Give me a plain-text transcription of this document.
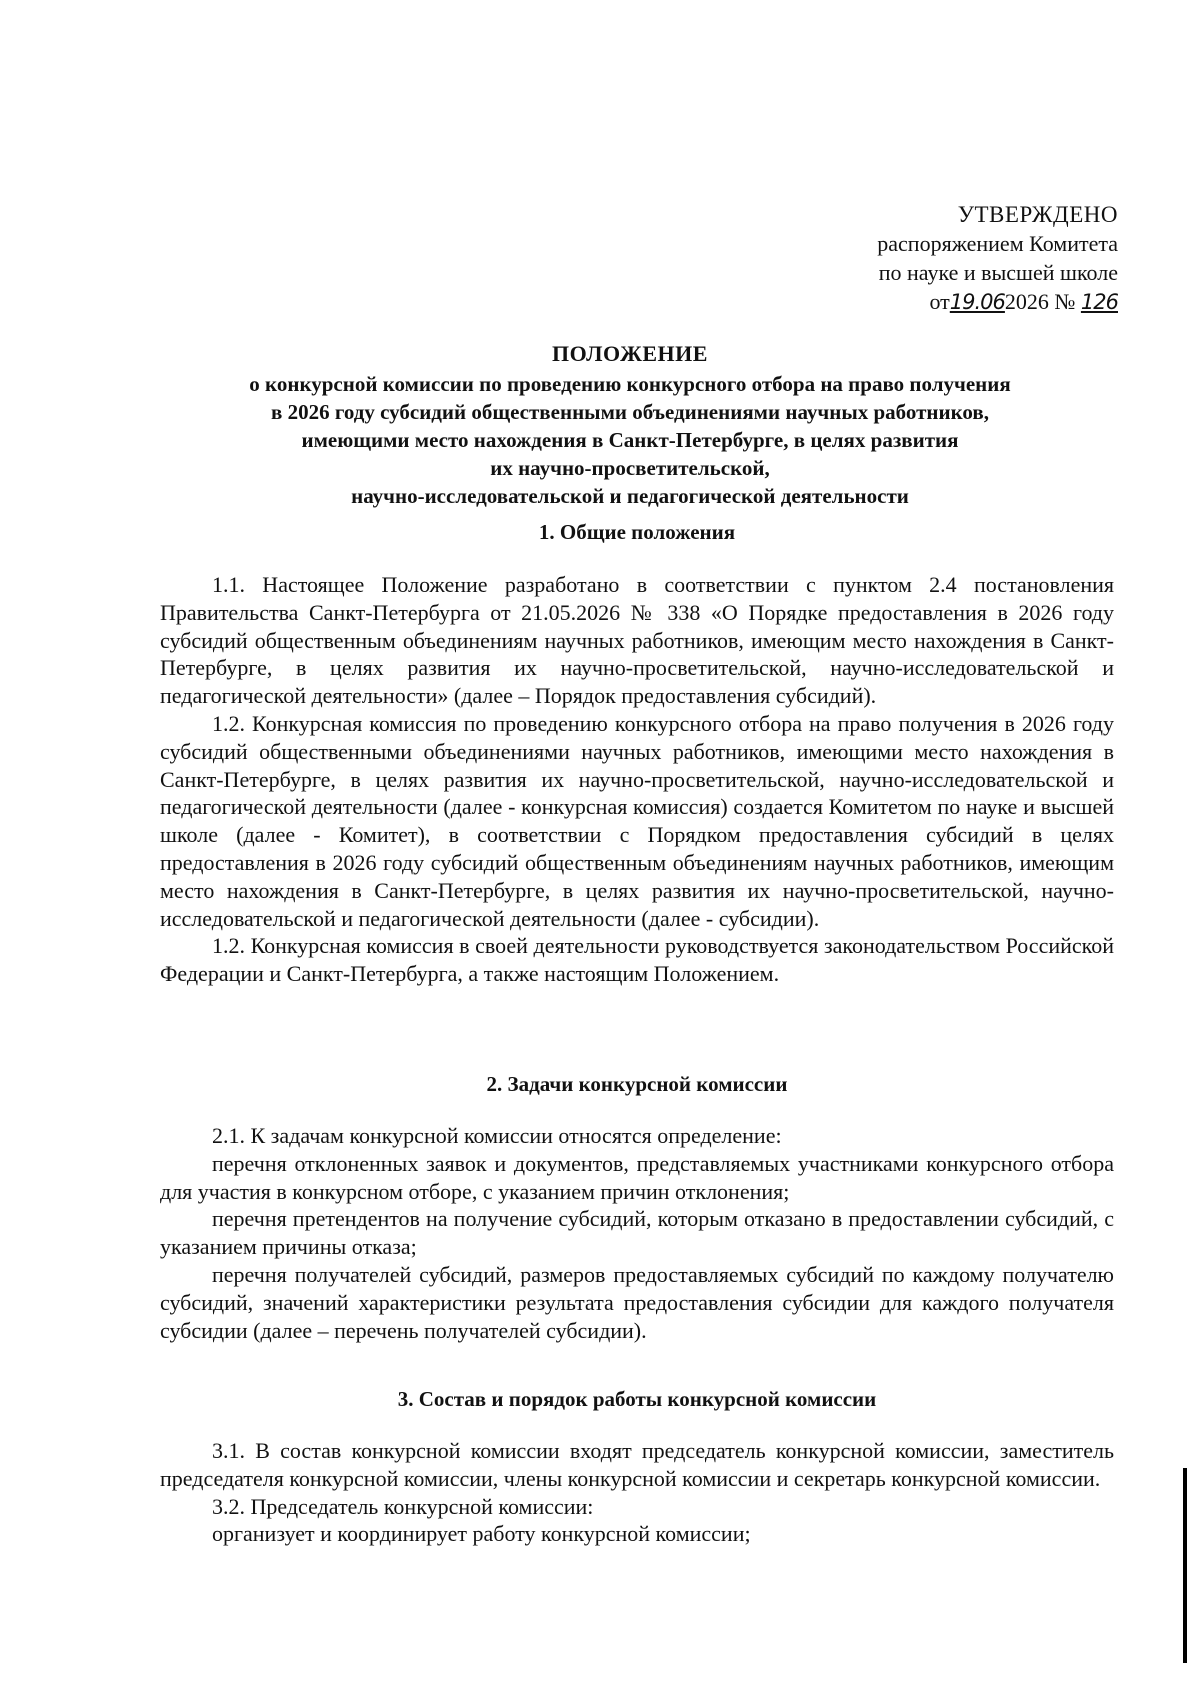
УТВЕРЖДЕНО
распоряжением Комитета
по науке и высшей школе
от19.062026 № 126
ПОЛОЖЕНИЕ
о конкурсной комиссии по проведению конкурсного отбора на право получения
в 2026 году субсидий общественными объединениями научных работников,
имеющими место нахождения в Санкт-Петербурге, в целях развития
их научно-просветительской,
научно-исследовательской и педагогической деятельности
1. Общие положения

1.1. Настоящее Положение разработано в соответствии с пунктом 2.4 постановления Правительства Санкт-Петербурга от 21.05.2026 № 338 «О Порядке предоставления в 2026 году субсидий общественным объединениям научных работников, имеющим место нахождения в Санкт-Петербурге, в целях развития их научно-просветительской, научно-исследовательской и педагогической деятельности» (далее – Порядок предоставления субсидий).

1.2. Конкурсная комиссия по проведению конкурсного отбора на право получения в 2026 году субсидий общественными объединениями научных работников, имеющими место нахождения в Санкт-Петербурге, в целях развития их научно-просветительской, научно-исследовательской и педагогической деятельности (далее - конкурсная комиссия) создается Комитетом по науке и высшей школе (далее - Комитет), в соответствии с Порядком предоставления субсидий в целях предоставления в 2026 году субсидий общественным объединениям научных работников, имеющим место нахождения в Санкт-Петербурге, в целях развития их научно-просветительской, научно-исследовательской и педагогической деятельности (далее - субсидии).

1.2. Конкурсная комиссия в своей деятельности руководствуется законодательством Российской Федерации и Санкт-Петербурга, а также настоящим Положением.

2. Задачи конкурсной комиссии

2.1. К задачам конкурсной комиссии относятся определение:

перечня отклоненных заявок и документов, представляемых участниками конкурсного отбора для участия в конкурсном отборе, с указанием причин отклонения;

перечня претендентов на получение субсидий, которым отказано в предоставлении субсидий, с указанием причины отказа;

перечня получателей субсидий, размеров предоставляемых субсидий по каждому получателю субсидий, значений характеристики результата предоставления субсидии для каждого получателя субсидии (далее – перечень получателей субсидии).

3. Состав и порядок работы конкурсной комиссии

3.1. В состав конкурсной комиссии входят председатель конкурсной комиссии, заместитель председателя конкурсной комиссии, члены конкурсной комиссии и секретарь конкурсной комиссии.

3.2. Председатель конкурсной комиссии:

организует и координирует работу конкурсной комиссии;
